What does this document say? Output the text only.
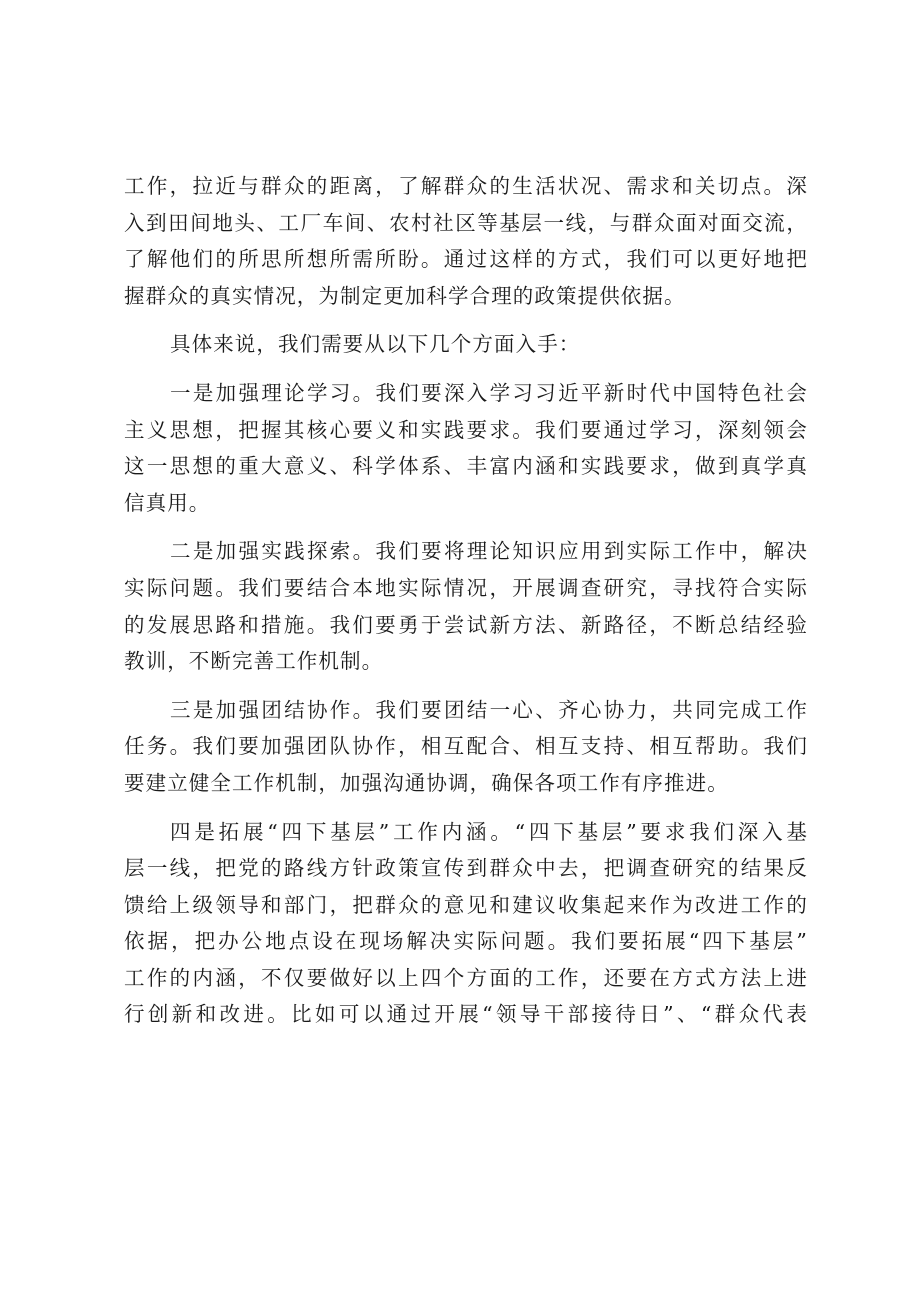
工作，拉近与群众的距离，了解群众的生活状况、需求和关切点。深
入到田间地头、工厂车间、农村社区等基层一线，与群众面对面交流，
了解他们的所思所想所需所盼。通过这样的方式，我们可以更好地把
握群众的真实情况，为制定更加科学合理的政策提供依据。

具体来说，我们需要从以下几个方面入手：

一是加强理论学习。我们要深入学习习近平新时代中国特色社会
主义思想，把握其核心要义和实践要求。我们要通过学习，深刻领会
这一思想的重大意义、科学体系、丰富内涵和实践要求，做到真学真
信真用。

二是加强实践探索。我们要将理论知识应用到实际工作中，解决
实际问题。我们要结合本地实际情况，开展调查研究，寻找符合实际
的发展思路和措施。我们要勇于尝试新方法、新路径，不断总结经验
教训，不断完善工作机制。

三是加强团结协作。我们要团结一心、齐心协力，共同完成工作
任务。我们要加强团队协作，相互配合、相互支持、相互帮助。我们
要建立健全工作机制，加强沟通协调，确保各项工作有序推进。

四是拓展“四下基层”工作内涵。“四下基层”要求我们深入基
层一线，把党的路线方针政策宣传到群众中去，把调查研究的结果反
馈给上级领导和部门，把群众的意见和建议收集起来作为改进工作的
依据，把办公地点设在现场解决实际问题。我们要拓展“四下基层”
工作的内涵，不仅要做好以上四个方面的工作，还要在方式方法上进
行创新和改进。比如可以通过开展“领导干部接待日”、“群众代表
